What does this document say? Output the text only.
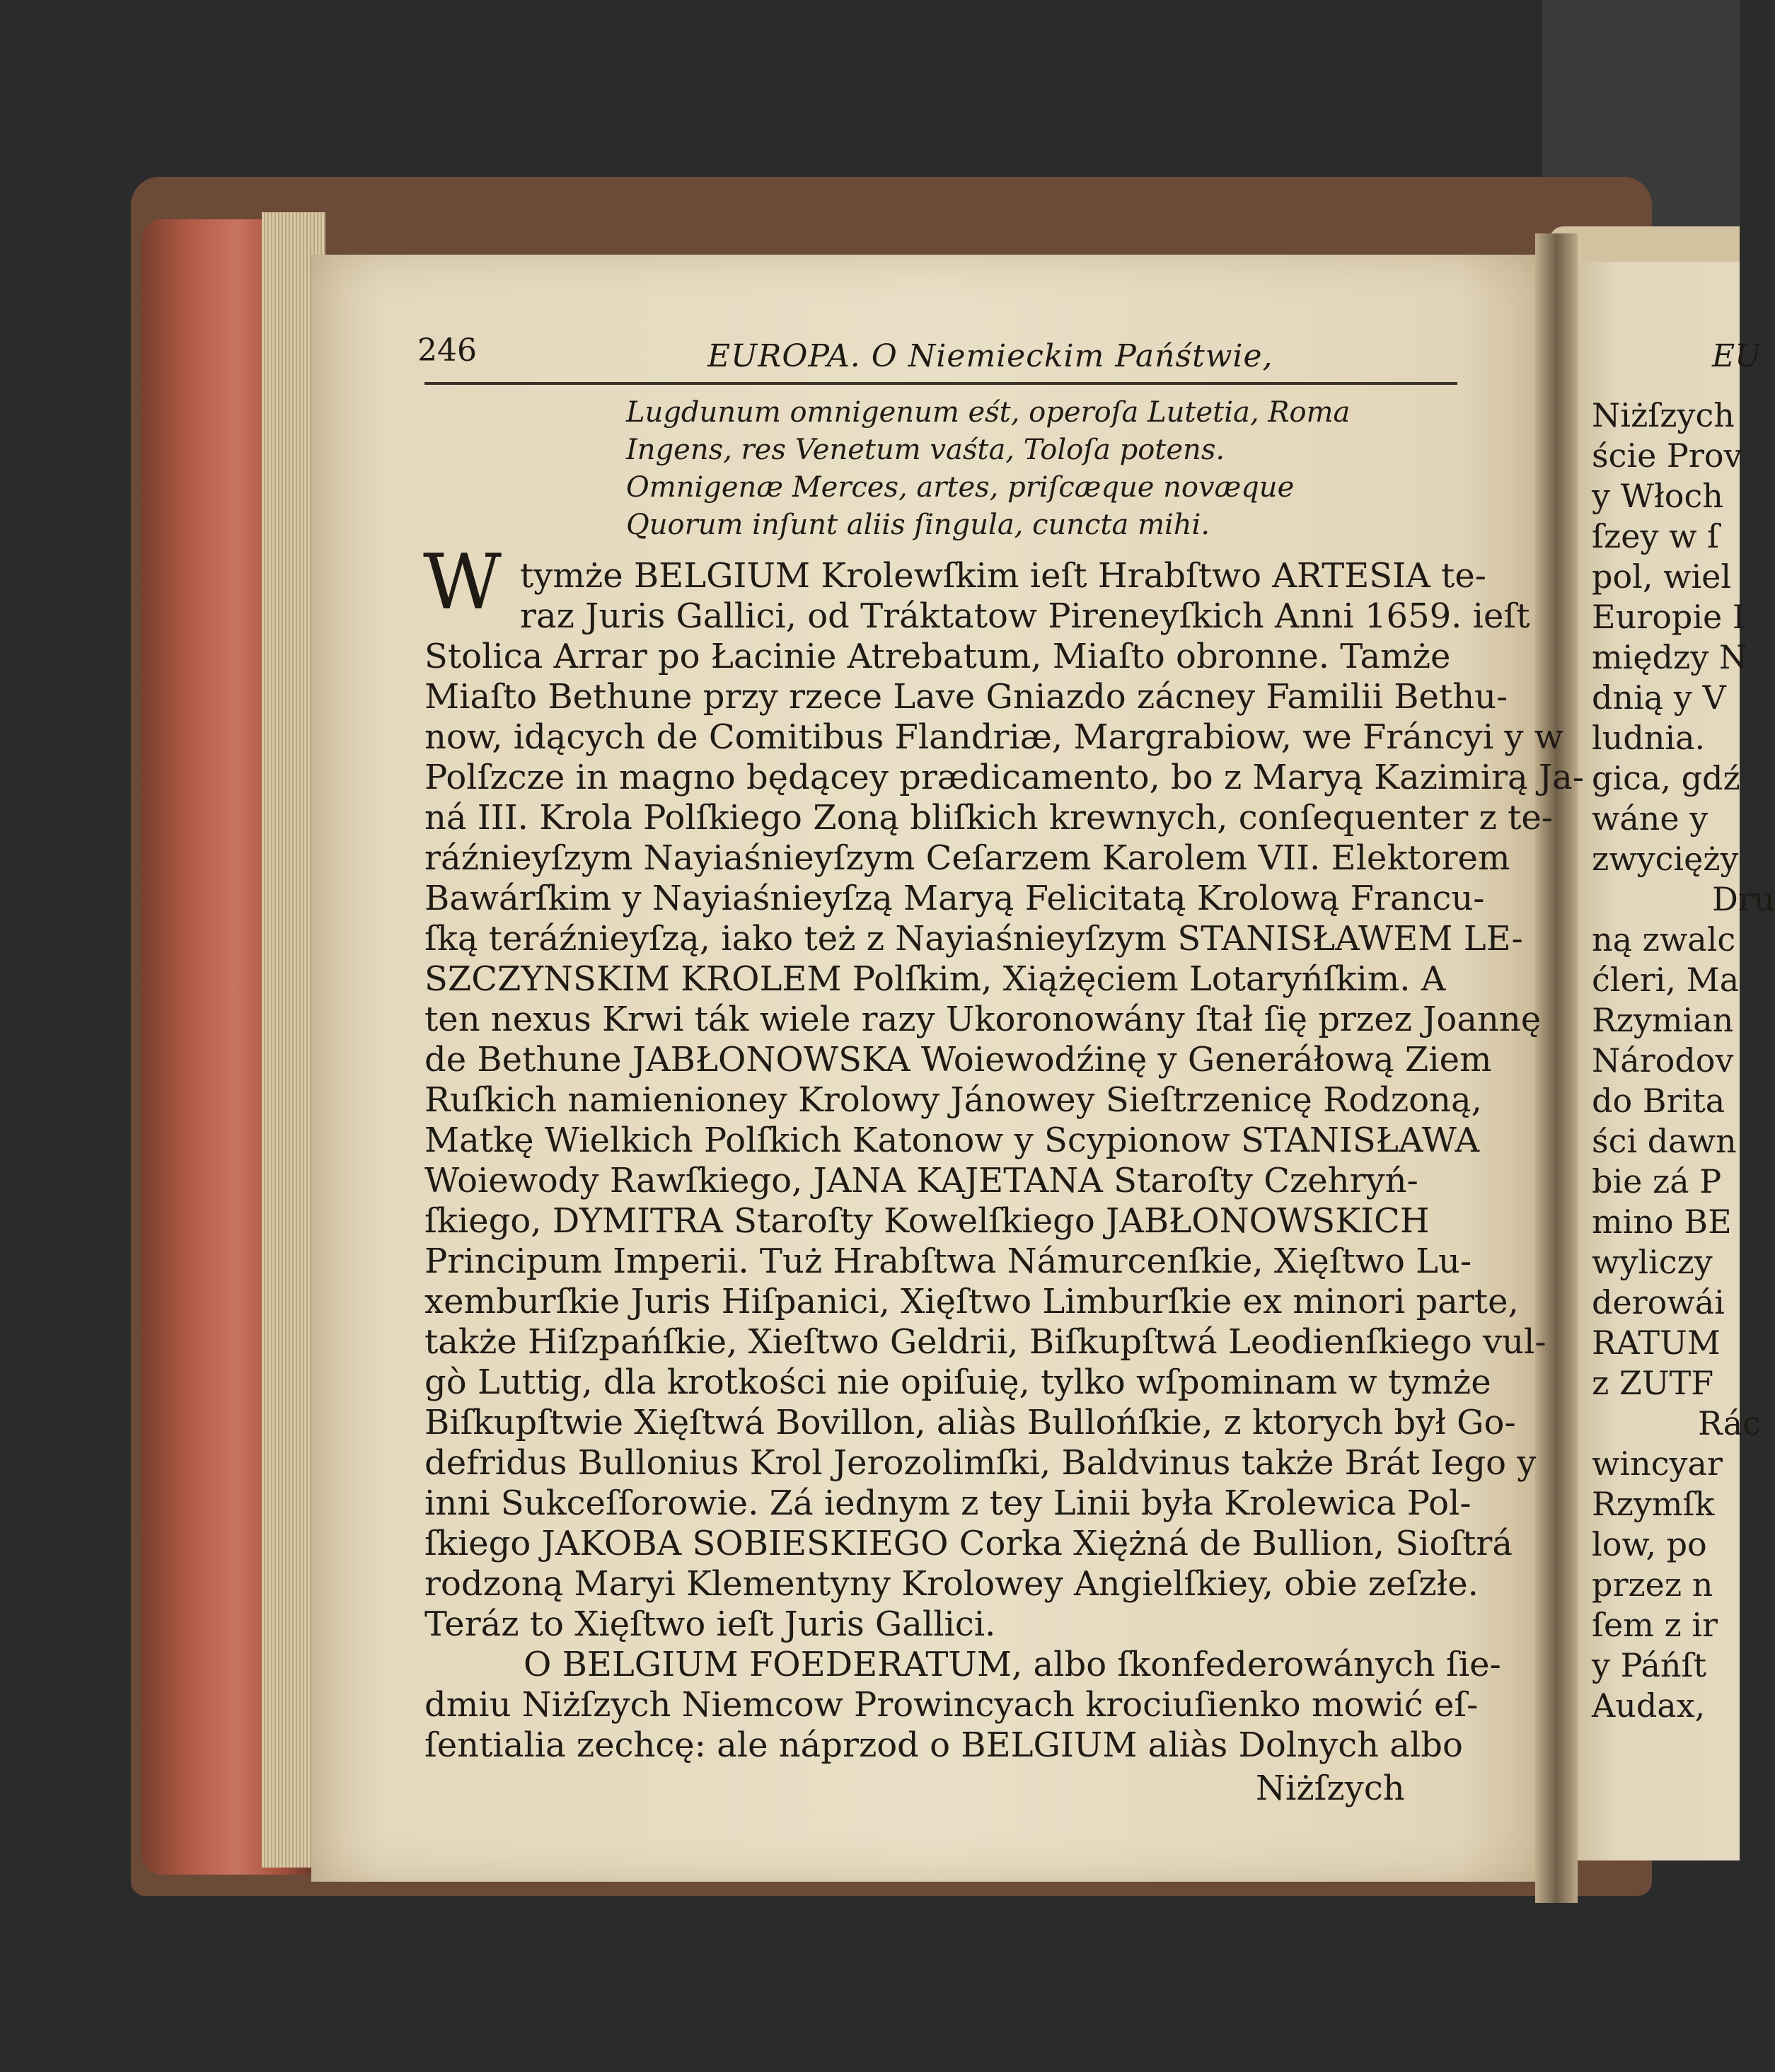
246	EUROPA. O Niemieckim Pańśtwie,
Lugdunum omnigenum eśt, operoſa Lutetia, Roma
Ingens, res Venetum vaśta, Toloſa potens.
Omnigenæ Merces, artes, priſcæque novæque
Quorum inſunt aliis ſingula, cuncta mihi.
W tymże BELGIUM Krolewſkim ieſt Hrabſtwo ARTESIA te-
raz Juris Gallici, od Tráktatow Pireneyſkich Anni 1659. ieſt
Stolica Arrar po Łacinie Atrebatum, Miaſto obronne. Tamże
Miaſto Bethune przy rzece Lave Gniazdo zácney Familii Bethu-
now, idących de Comitibus Flandriæ, Margrabiow, we Fráncyi y w
Polſzcze in magno będącey prædicamento, bo z Maryą Kazimirą Ja-
ná III. Krola Polſkiego Zoną bliſkich krewnych, conſequenter z te-
ráźnieyſzym Nayiaśnieyſzym Ceſarzem Karolem VII. Elektorem
Bawárſkim y Nayiaśnieyſzą Maryą Felicitatą Krolową Francu-
ſką teráźnieyſzą, iako też z Nayiaśnieyſzym STANISŁAWEM LE-
SZCZYNSKIM KROLEM Polſkim, Xiążęciem Lotaryńſkim. A
ten nexus Krwi ták wiele razy Ukoronowány ſtał ſię przez Joannę
de Bethune JABŁONOWSKA Woiewodźinę y Generáłową Ziem
Ruſkich namienioney Krolowy Jánowey Sieſtrzenicę Rodzoną,
Matkę Wielkich Polſkich Katonow y Scypionow STANISŁAWA
Woiewody Rawſkiego, JANA KAJETANA Staroſty Czehryń-
ſkiego, DYMITRA Staroſty Kowelſkiego JABŁONOWSKICH
Principum Imperii. Tuż Hrabſtwa Námurcenſkie, Xięſtwo Lu-
xemburſkie Juris Hiſpanici, Xięſtwo Limburſkie ex minori parte,
także Hiſzpańſkie, Xieſtwo Geldrii, Biſkupſtwá Leodienſkiego vul-
gò Luttig, dla krotkości nie opiſuię, tylko wſpominam w tymże
Biſkupſtwie Xięſtwá Bovillon, aliàs Bullońſkie, z ktorych był Go-
defridus Bullonius Krol Jerozolimſki, Baldvinus także Brát Iego y
inni Sukceſſorowie. Zá iednym z tey Linii była Krolewica Pol-
ſkiego JAKOBA SOBIESKIEGO Corka Xiężná de Bullion, Sioſtrá
rodzoną Maryi Klementyny Krolowey Angielſkiey, obie zeſzłe.
Teráz to Xięſtwo ieſt Juris Gallici.
O BELGIUM FOEDERATUM, albo ſkonfederowánych ſie-
dmiu Niżſzych Niemcow Prowincyach krociuſienko mowić eſ-
ſentialia zechcę: ale náprzod o BELGIUM aliàs Dolnych albo
Niżſzych
EU
Niżſzych
ście Prov
y Włoch
ſzey w ſ
pol, wiel
Europie I
między N
dnią y V
ludnia.
gica, gdź
wáne y
zwycięży
Dru
ną zwalc
ćleri, Ma
Rzymian
Národov
do Brita
ści dawn
bie zá P
mino BE
wyliczy
derowái
RATUM
z ZUTF
Rác
wincyar
Rzymſk
low, po
przez n
ſem z ir
y Páńſt
Audax,
